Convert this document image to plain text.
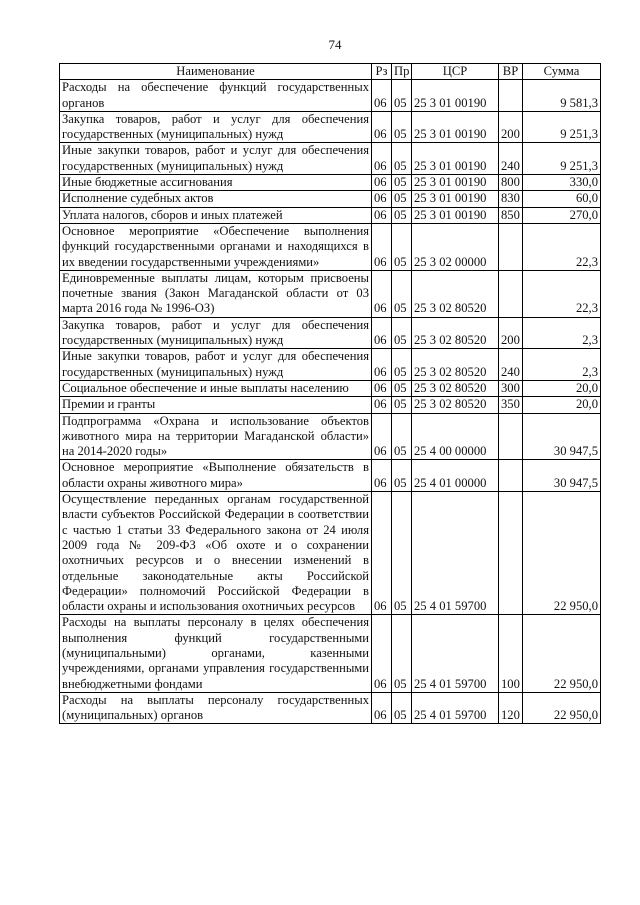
74
Наименование	Рз	Пр	ЦСР	ВР	Сумма
Расходы на обеспечение функций государственных органов	06	05	25 3 01 00190		9 581,3
Закупка товаров, работ и услуг для обеспечения государственных (муниципальных) нужд	06	05	25 3 01 00190	200	9 251,3
Иные закупки товаров, работ и услуг для обеспечения государственных (муниципальных) нужд	06	05	25 3 01 00190	240	9 251,3
Иные бюджетные ассигнования	06	05	25 3 01 00190	800	330,0
Исполнение судебных актов	06	05	25 3 01 00190	830	60,0
Уплата налогов, сборов и иных платежей	06	05	25 3 01 00190	850	270,0
Основное мероприятие «Обеспечение выполнения функций государственными органами и находящихся в их введении государственными учреждениями»	06	05	25 3 02 00000		22,3
Единовременные выплаты лицам, которым присвоены почетные звания (Закон Магаданской области от 03 марта 2016 года № 1996-ОЗ)	06	05	25 3 02 80520		22,3
Закупка товаров, работ и услуг для обеспечения государственных (муниципальных) нужд	06	05	25 3 02 80520	200	2,3
Иные закупки товаров, работ и услуг для обеспечения государственных (муниципальных) нужд	06	05	25 3 02 80520	240	2,3
Социальное обеспечение и иные выплаты населению	06	05	25 3 02 80520	300	20,0
Премии и гранты	06	05	25 3 02 80520	350	20,0
Подпрограмма «Охрана и использование объектов животного мира на территории Магаданской области» на 2014-2020 годы»	06	05	25 4 00 00000		30 947,5
Основное мероприятие «Выполнение обязательств в области охраны животного мира»	06	05	25 4 01 00000		30 947,5
Осуществление переданных органам государственной власти субъектов Российской Федерации в соответствии с частью 1 статьи 33 Федерального закона от 24 июля 2009 года № 209-ФЗ «Об охоте и о сохранении охотничьих ресурсов и о внесении изменений в отдельные законодательные акты Российской Федерации» полномочий Российской Федерации в области охраны и использования охотничьих ресурсов	06	05	25 4 01 59700		22 950,0
Расходы на выплаты персоналу в целях обеспечения выполнения функций государственными (муниципальными) органами, казенными учреждениями, органами управления государственными внебюджетными фондами	06	05	25 4 01 59700	100	22 950,0
Расходы на выплаты персоналу государственных (муниципальных) органов	06	05	25 4 01 59700	120	22 950,0
